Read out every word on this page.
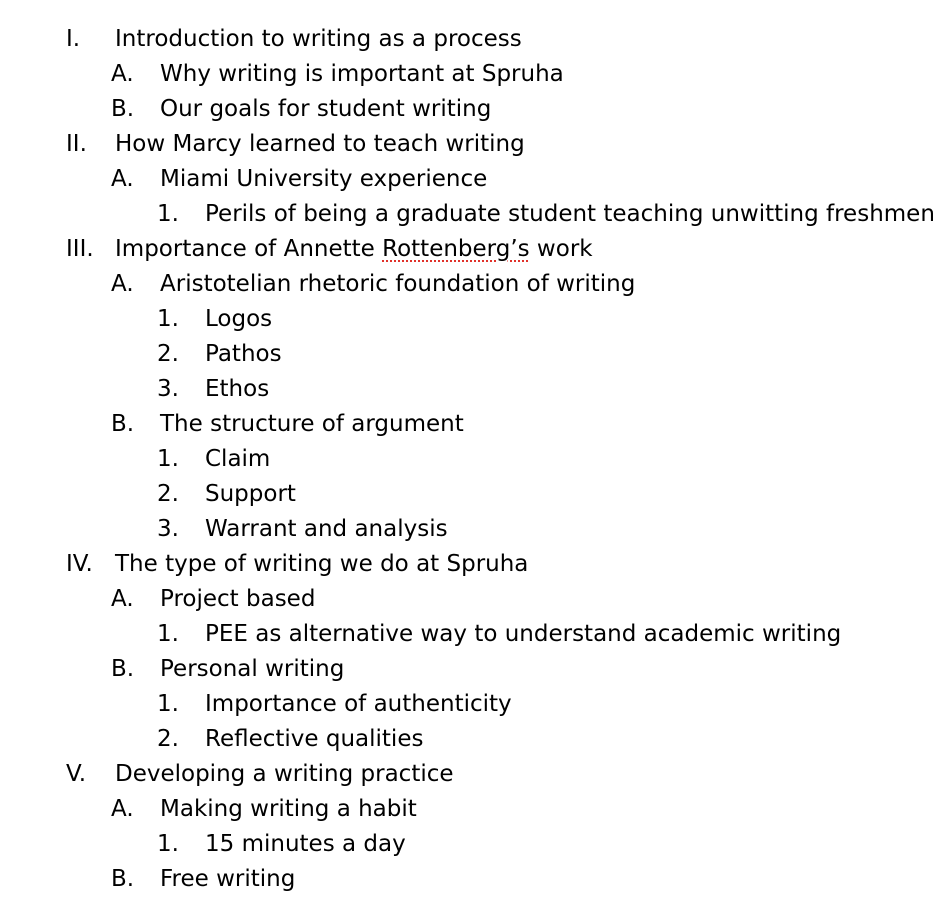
I. Introduction to writing as a process
A. Why writing is important at Spruha
B. Our goals for student writing
II. How Marcy learned to teach writing
A. Miami University experience
1. Perils of being a graduate student teaching unwitting freshmen
III. Importance of Annette Rottenberg’s work
A. Aristotelian rhetoric foundation of writing
1. Logos
2. Pathos
3. Ethos
B. The structure of argument
1. Claim
2. Support
3. Warrant and analysis
IV. The type of writing we do at Spruha
A. Project based
1. PEE as alternative way to understand academic writing
B. Personal writing
1. Importance of authenticity
2. Reflective qualities
V. Developing a writing practice
A. Making writing a habit
1. 15 minutes a day
B. Free writing
